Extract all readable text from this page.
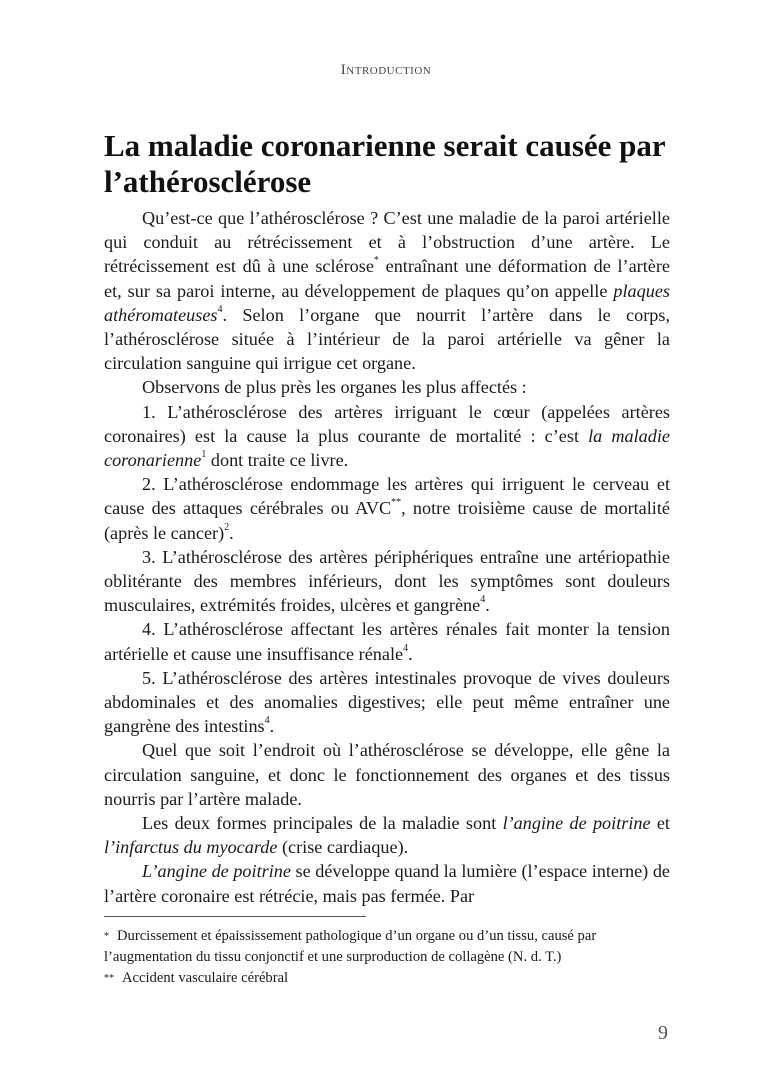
Introduction
La maladie coronarienne serait causée par l’athérosclérose

Qu’est-ce que l’athérosclérose ? C’est une maladie de la paroi artérielle qui conduit au rétrécissement et à l’obstruction d’une artère. Le rétrécissement est dû à une sclérose* entraînant une déformation de l’artère et, sur sa paroi interne, au développement de plaques qu’on appelle plaques athéromateuses$^4$. Selon l’organe que nourrit l’artère dans le corps, l’athérosclérose située à l’intérieur de la paroi artérielle va gêner la circulation sanguine qui irrigue cet organe.

Observons de plus près les organes les plus affectés :

1. L’athérosclérose des artères irriguant le cœur (appelées artères coronaires) est la cause la plus courante de mortalité : c’est la maladie coronarienne$^1$ dont traite ce livre.

2. L’athérosclérose endommage les artères qui irriguent le cerveau et cause des attaques cérébrales ou AVC**, notre troisième cause de mortalité (après le cancer)$^2$.

3. L’athérosclérose des artères périphériques entraîne une artériopathie oblitérante des membres inférieurs, dont les symptômes sont douleurs musculaires, extrémités froides, ulcères et gangrène$^4$.

4. L’athérosclérose affectant les artères rénales fait monter la tension artérielle et cause une insuffisance rénale$^4$.

5. L’athérosclérose des artères intestinales provoque de vives douleurs abdominales et des anomalies digestives; elle peut même entraîner une gangrène des intestins$^4$.

Quel que soit l’endroit où l’athérosclérose se développe, elle gêne la circulation sanguine, et donc le fonctionnement des organes et des tissus nourris par l’artère malade.

Les deux formes principales de la maladie sont l’angine de poitrine et l’infarctus du myocarde (crise cardiaque).

L’angine de poitrine se développe quand la lumière (l’espace interne) de l’artère coronaire est rétrécie, mais pas fermée. Par

* Durcissement et épaississement pathologique d’un organe ou d’un tissu, causé par l’augmentation du tissu conjonctif et une surproduction de collagène (N. d. T.)

** Accident vasculaire cérébral

9
